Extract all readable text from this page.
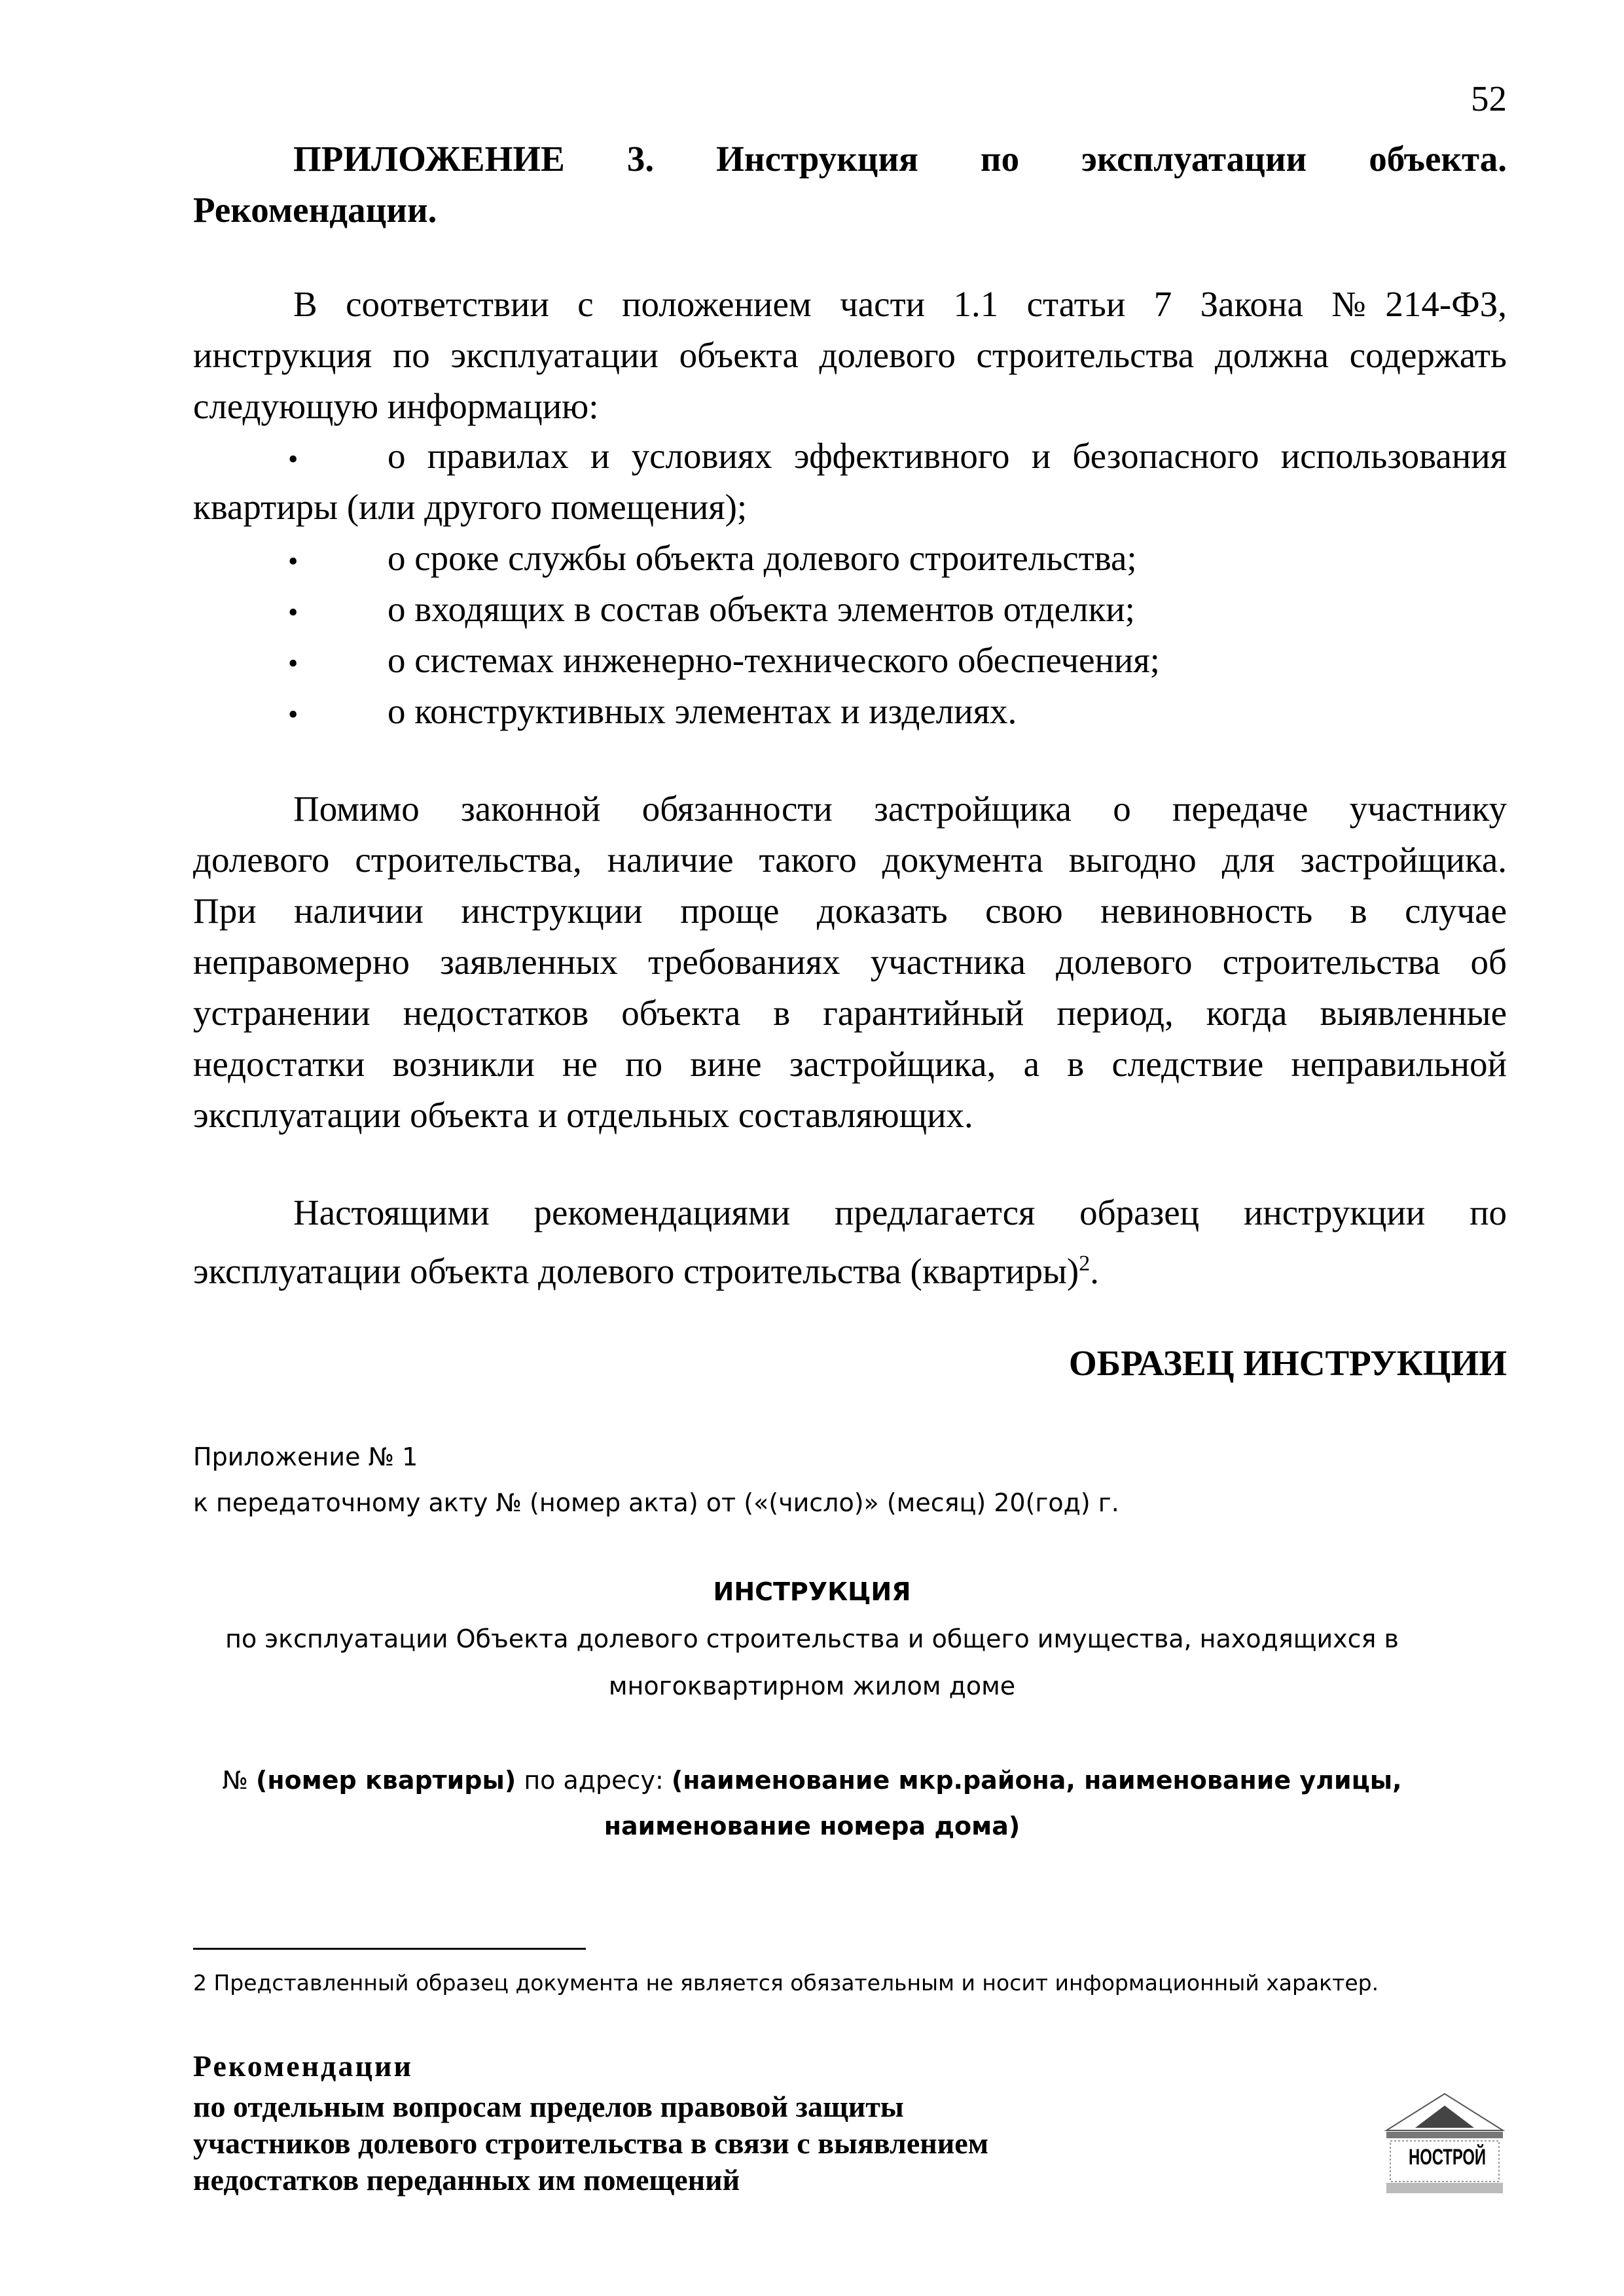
52
ПРИЛОЖЕНИЕ 3. Инструкция по эксплуатации объекта.
Рекомендации.
В соответствии с положением части 1.1 статьи 7 Закона №214-ФЗ,
инструкция по эксплуатации объекта долевого строительства должна содержать
следующую информацию:
• о правилах и условиях эффективного и безопасного использования
квартиры (или другого помещения);
• о сроке службы объекта долевого строительства;
• о входящих в состав объекта элементов отделки;
• о системах инженерно-технического обеспечения;
• о конструктивных элементах и изделиях.
Помимо законной обязанности застройщика о передаче участнику
долевого строительства, наличие такого документа выгодно для застройщика.
При наличии инструкции проще доказать свою невиновность в случае
неправомерно заявленных требованиях участника долевого строительства об
устранении недостатков объекта в гарантийный период, когда выявленные
недостатки возникли не по вине застройщика, а в следствие неправильной
эксплуатации объекта и отдельных составляющих.
Настоящими рекомендациями предлагается образец инструкции по
эксплуатации объекта долевого строительства (квартиры)$^2$.
ОБРАЗЕЦ ИНСТРУКЦИИ
Приложение № 1
к передаточному акту № (номер акта) от («(число)» (месяц) 20(год) г.
ИНСТРУКЦИЯ
по эксплуатации Объекта долевого строительства и общего имущества, находящихся в
многоквартирном жилом доме
№ (номер квартиры) по адресу: (наименование мкр.района, наименование улицы,
наименование номера дома)
2 Представленный образец документа не является обязательным и носит информационный характер.
Рекомендации
по отдельным вопросам пределов правовой защиты
участников долевого строительства в связи с выявлением
недостатков переданных им помещений
НОСТРОЙ
